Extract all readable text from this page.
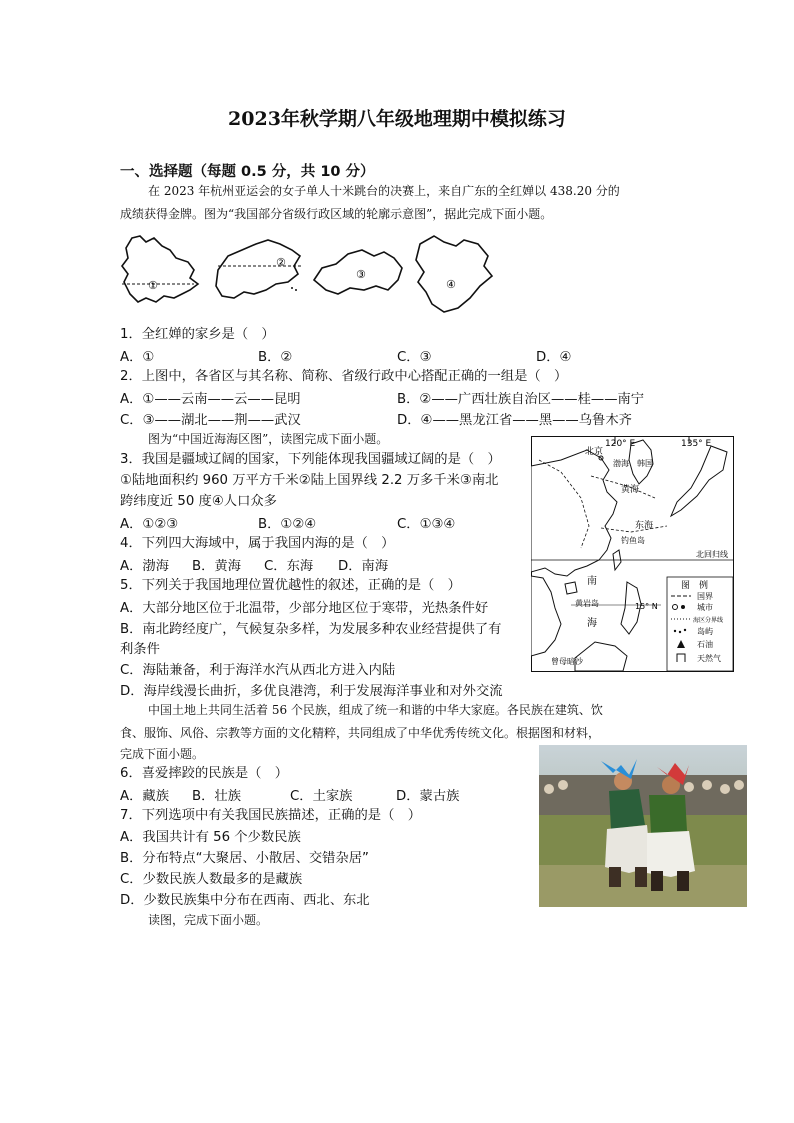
2023年秋学期八年级地理期中模拟练习
一、选择题（每题 0.5 分，共 10 分）
在 2023 年杭州亚运会的女子单人十米跳台的决赛上，来自广东的全红婵以 438.20 分的
成绩获得金牌。图为“我国部分省级行政区域的轮廓示意图”，据此完成下面小题。
①
②
③
④
1．全红婵的家乡是（　）
A．①	B．②	C．③	D．④
2．上图中，各省区与其名称、简称、省级行政中心搭配正确的一组是（　）
A．①——云南——云——昆明	B．②——广西壮族自治区——桂——南宁
C．③——湖北——荆——武汉	D．④——黑龙江省——黑——乌鲁木齐
图为“中国近海海区图”，读图完成下面小题。
3．我国是疆域辽阔的国家，下列能体现我国疆域辽阔的是（　）
①陆地面积约 960 万平方千米②陆上国界线 2.2 万多千米③南北
跨纬度近 50 度④人口众多
A．①②③	B．①②④	C．①③④
4．下列四大海域中，属于我国内海的是（　）
A．渤海 B．黄海 C．东海 D．南海
5．下列关于我国地理位置优越性的叙述，正确的是（　）
A．大部分地区位于北温带，少部分地区位于寒带，光热条件好
B．南北跨经度广，气候复杂多样，为发展多种农业经营提供了有
利条件
C．海陆兼备，利于海洋水汽从西北方进入内陆
D．海岸线漫长曲折，多优良港湾，利于发展海洋事业和对外交流
120° E	135° E
北京
渤海 韩国
黄海
东海
钓鱼岛
北回归线
南
黄岩岛
海
15° N
曾母暗沙
图　例
国界
城市
海区分界线
岛屿
石油
天然气
中国土地上共同生活着 56 个民族，组成了统一和谐的中华大家庭。各民族在建筑、饮
食、服饰、风俗、宗教等方面的文化精粹，共同组成了中华优秀传统文化。根据图和材料，
完成下面小题。
6．喜爱摔跤的民族是（　）
A．藏族 B．壮族	C．土家族	D．蒙古族
7．下列选项中有关我国民族描述，正确的是（　）
A．我国共计有 56 个少数民族
B．分布特点“大聚居、小散居、交错杂居”
C．少数民族人数最多的是藏族
D．少数民族集中分布在西南、西北、东北
读图，完成下面小题。
